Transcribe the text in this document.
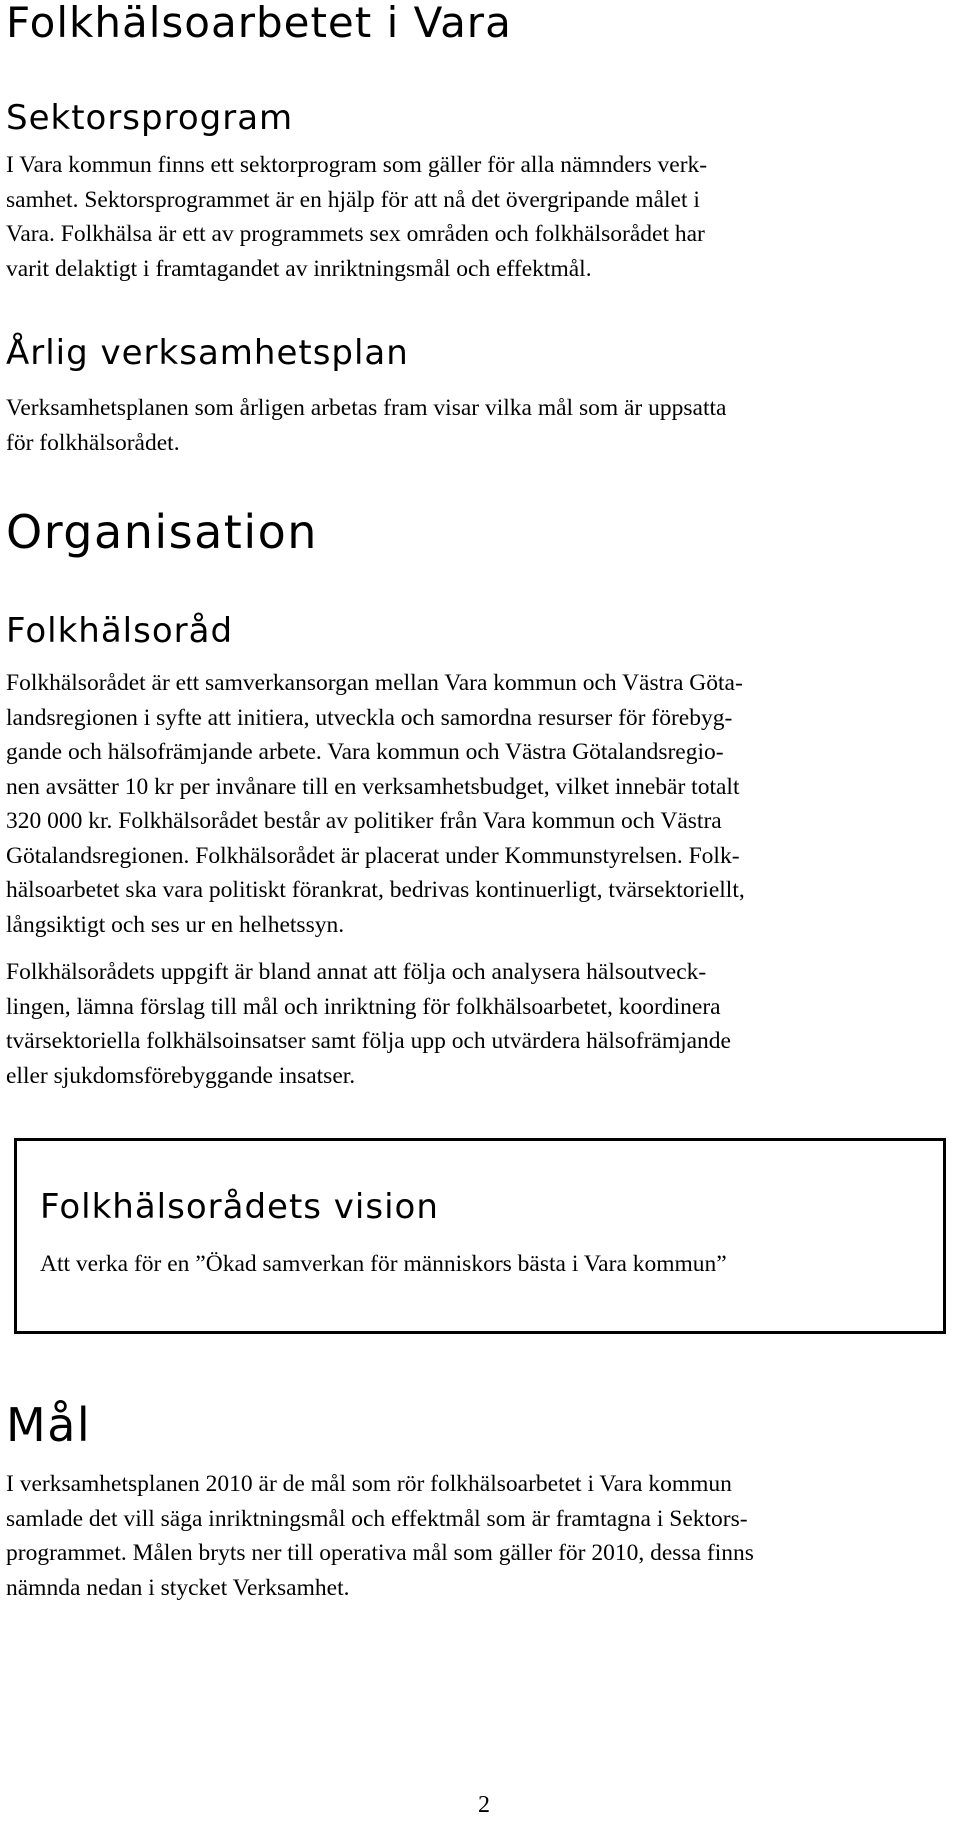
Folkhälsoarbetet i Vara
Sektorsprogram
I Vara kommun finns ett sektorprogram som gäller för alla nämnders verk-
samhet. Sektorsprogrammet är en hjälp för att nå det övergripande målet i
Vara. Folkhälsa är ett av programmets sex områden och folkhälsorådet har
varit delaktigt i framtagandet av inriktningsmål och effektmål.
Årlig verksamhetsplan
Verksamhetsplanen som årligen arbetas fram visar vilka mål som är uppsatta
för folkhälsorådet.
Organisation
Folkhälsoråd
Folkhälsorådet är ett samverkansorgan mellan Vara kommun och Västra Göta-
landsregionen i syfte att initiera, utveckla och samordna resurser för förebyg-
gande och hälsofrämjande arbete. Vara kommun och Västra Götalandsregio-
nen avsätter 10 kr per invånare till en verksamhetsbudget, vilket innebär totalt
320 000 kr. Folkhälsorådet består av politiker från Vara kommun och Västra
Götalandsregionen. Folkhälsorådet är placerat under Kommunstyrelsen. Folk-
hälsoarbetet ska vara politiskt förankrat, bedrivas kontinuerligt, tvärsektoriellt,
långsiktigt och ses ur en helhetssyn.
Folkhälsorådets uppgift är bland annat att följa och analysera hälsoutveck-
lingen, lämna förslag till mål och inriktning för folkhälsoarbetet, koordinera
tvärsektoriella folkhälsoinsatser samt följa upp och utvärdera hälsofrämjande
eller sjukdomsförebyggande insatser.
Folkhälsorådets vision
Att verka för en ”Ökad samverkan för människors bästa i Vara kommun”
Mål
I verksamhetsplanen 2010 är de mål som rör folkhälsoarbetet i Vara kommun
samlade det vill säga inriktningsmål och effektmål som är framtagna i Sektors-
programmet. Målen bryts ner till operativa mål som gäller för 2010, dessa finns
nämnda nedan i stycket Verksamhet.
2
